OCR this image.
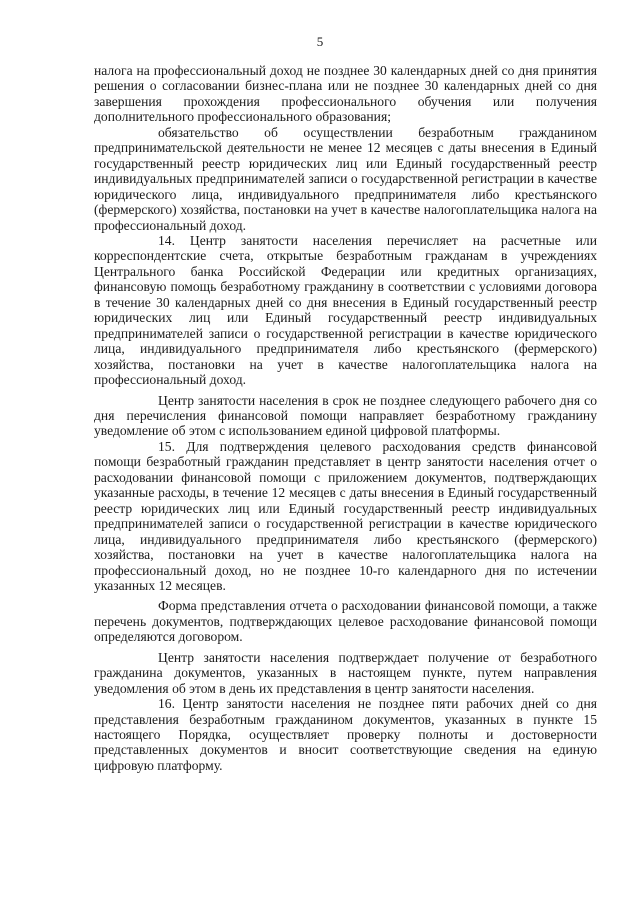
5

налога на профессиональный доход не позднее 30 календарных дней со дня принятия решения о согласовании бизнес-плана или не позднее 30 календарных дней со дня завершения прохождения профессионального обучения или получения дополнительного профессионального образования;

обязательство об осуществлении безработным гражданином предпринимательской деятельности не менее 12 месяцев с даты внесения в Единый государственный реестр юридических лиц или Единый государственный реестр индивидуальных предпринимателей записи о государственной регистрации в качестве юридического лица, индивидуального предпринимателя либо крестьянского (фермерского) хозяйства, постановки на учет в качестве налогоплательщика налога на профессиональный доход.

14. Центр занятости населения перечисляет на расчетные или корреспондентские счета, открытые безработным гражданам в учреждениях Центрального банка Российской Федерации или кредитных организациях, финансовую помощь безработному гражданину в соответствии с условиями договора в течение 30 календарных дней со дня внесения в Единый государственный реестр юридических лиц или Единый государственный реестр индивидуальных предпринимателей записи о государственной регистрации в качестве юридического лица, индивидуального предпринимателя либо крестьянского (фермерского) хозяйства, постановки на учет в качестве налогоплательщика налога на профессиональный доход.

Центр занятости населения в срок не позднее следующего рабочего дня со дня перечисления финансовой помощи направляет безработному гражданину уведомление об этом с использованием единой цифровой платформы.

15. Для подтверждения целевого расходования средств финансовой помощи безработный гражданин представляет в центр занятости населения отчет о расходовании финансовой помощи с приложением документов, подтверждающих указанные расходы, в течение 12 месяцев с даты внесения в Единый государственный реестр юридических лиц или Единый государственный реестр индивидуальных предпринимателей записи о государственной регистрации в качестве юридического лица, индивидуального предпринимателя либо крестьянского (фермерского) хозяйства, постановки на учет в качестве налогоплательщика налога на профессиональный доход, но не позднее 10-го календарного дня по истечении указанных 12 месяцев.

Форма представления отчета о расходовании финансовой помощи, а также перечень документов, подтверждающих целевое расходование финансовой помощи определяются договором.

Центр занятости населения подтверждает получение от безработного гражданина документов, указанных в настоящем пункте, путем направления уведомления об этом в день их представления в центр занятости населения.

16. Центр занятости населения не позднее пяти рабочих дней со дня представления безработным гражданином документов, указанных в пункте 15 настоящего Порядка, осуществляет проверку полноты и достоверности представленных документов и вносит соответствующие сведения на единую цифровую платформу.
